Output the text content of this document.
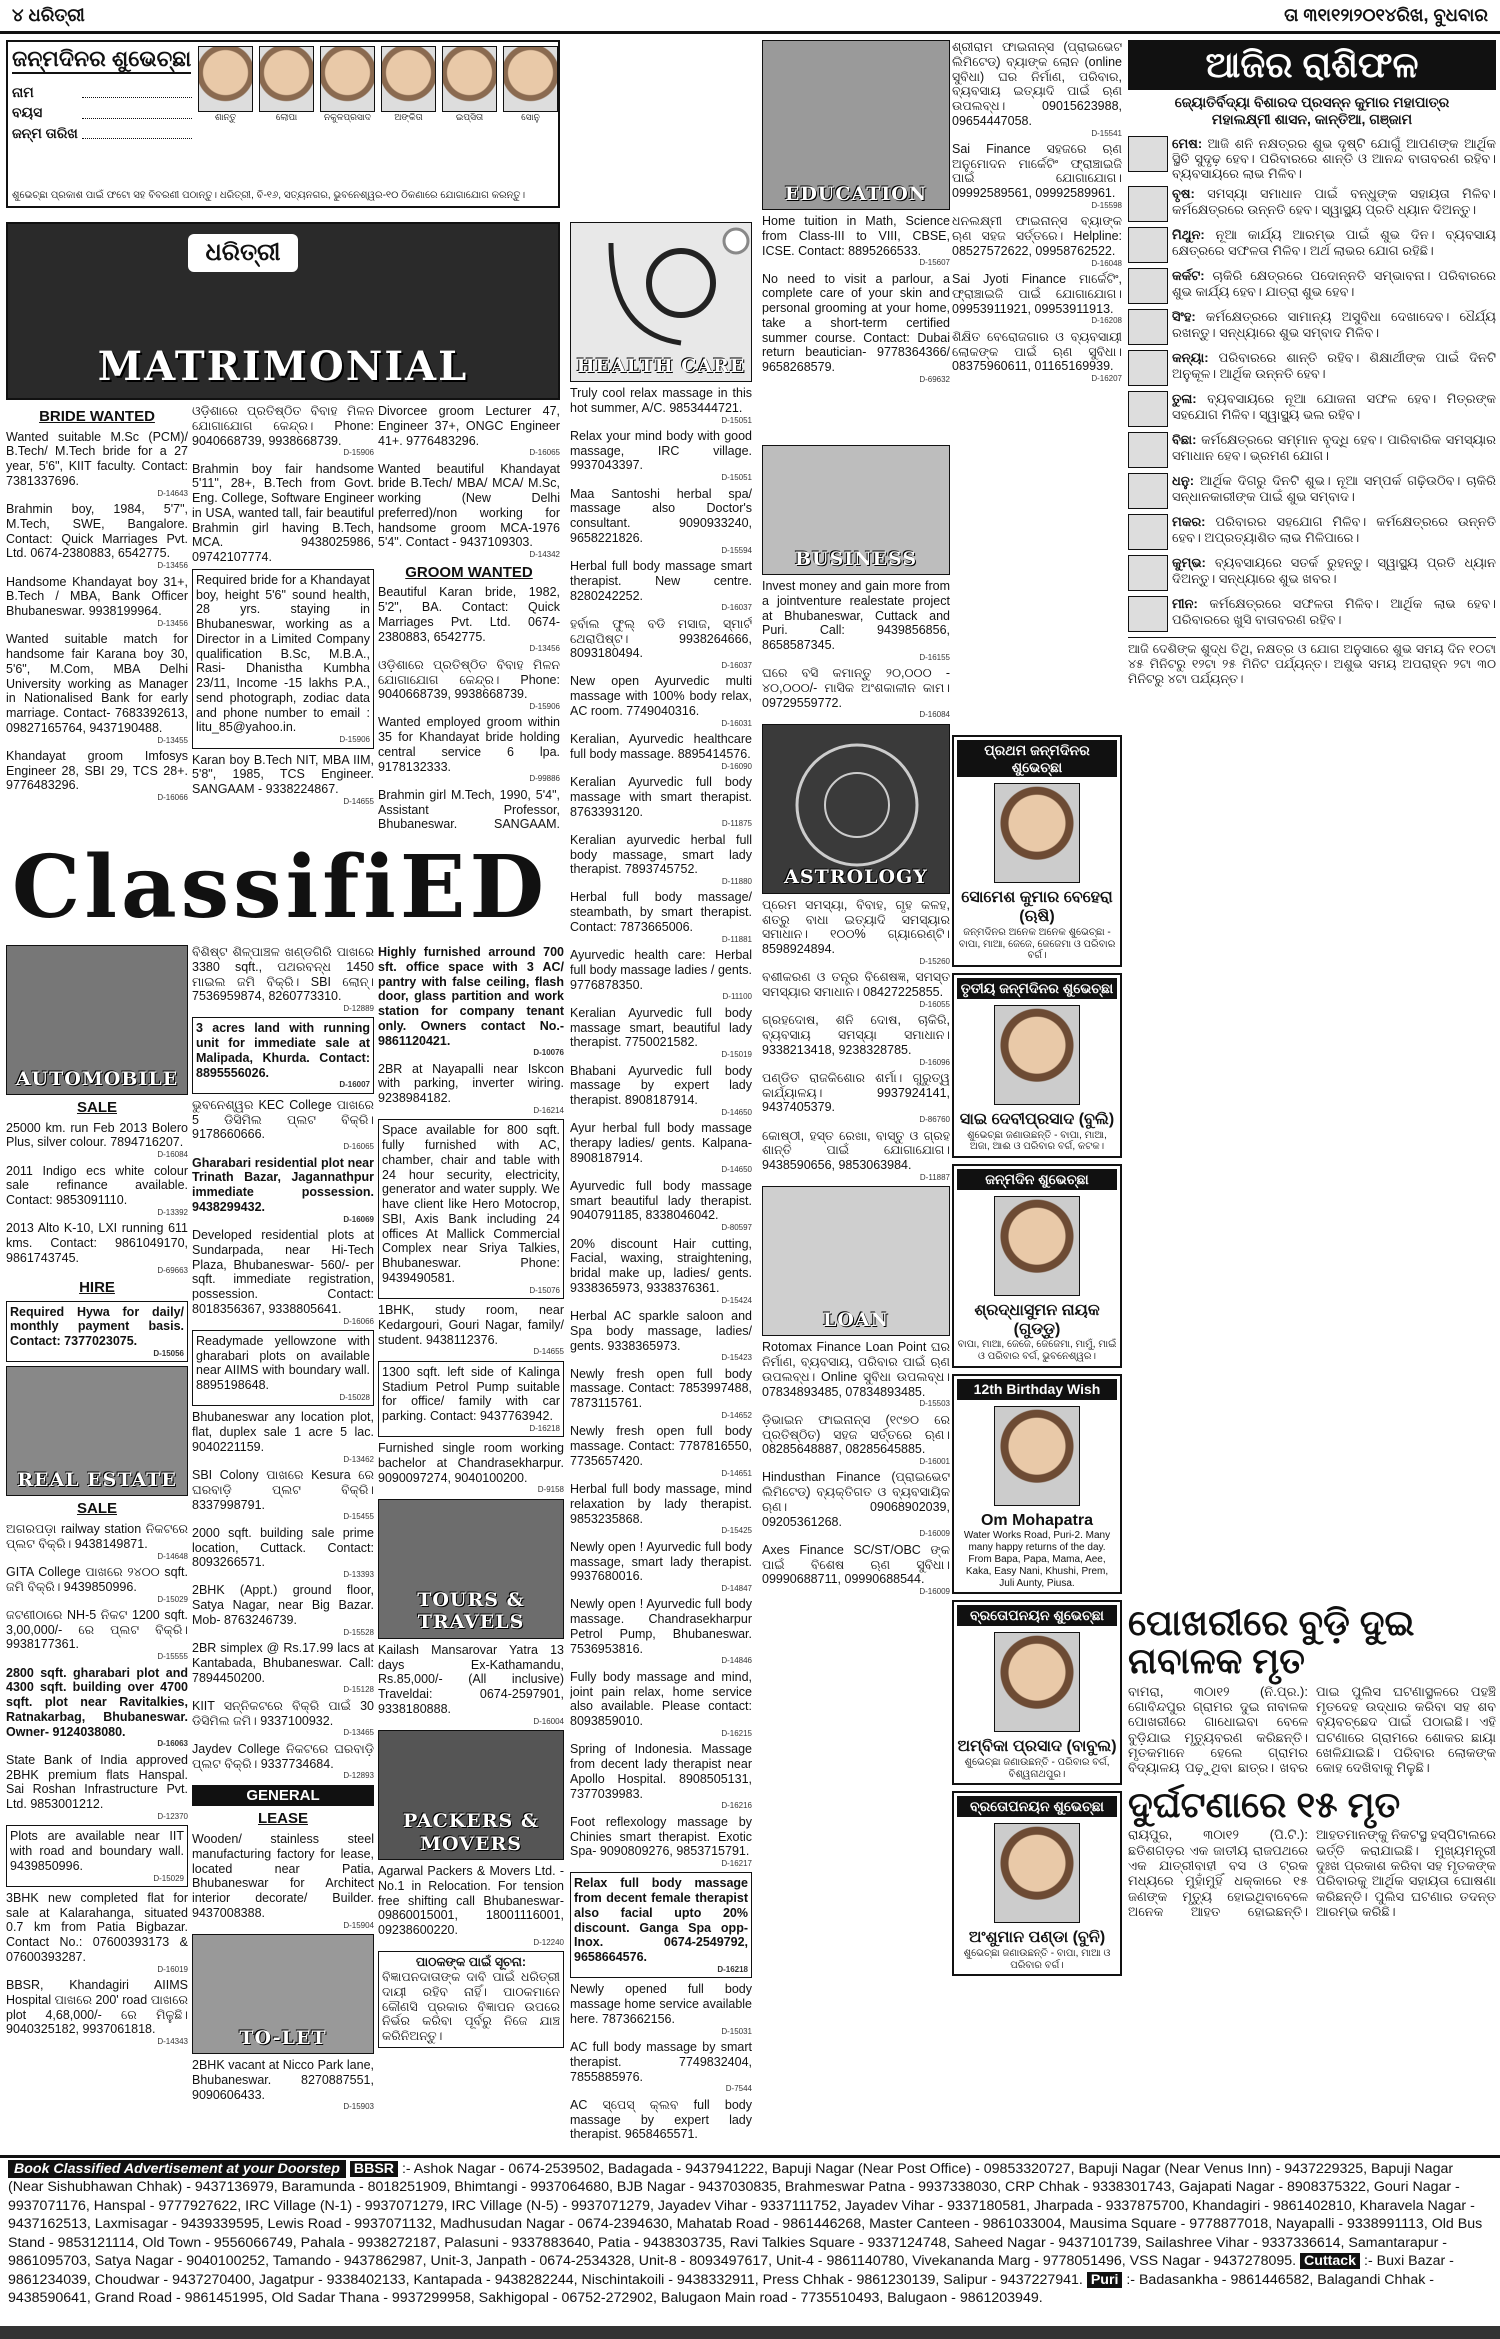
୪ ଧରିତ୍ରୀ	ତା ୩୧ା୧୨ା୨୦୧୪ରିଖ, ବୁଧବାର
ଜନ୍ମଦିନର ଶୁଭେଚ୍ଛା
ନାମ
ବୟସ
ଜନ୍ମ ତାରିଖ
ଶାନ୍ତୁ	ଲୋପା	ନକୁଳପ୍ରସାଦ	ଅଙ୍କିତା	ଇପ୍ସିତା	ସୋନୁ
ଶୁଭେଚ୍ଛା ପ୍ରକାଶ ପାଇଁ ଫଟୋ ସହ ବିବରଣୀ ପଠାନ୍ତୁ। ଧରିତ୍ରୀ, ବି-୧୬, ସତ୍ୟନଗର, ଭୁବନେଶ୍ୱର-୧୦ ଠିକଣାରେ ଯୋଗାଯୋଗ କରନ୍ତୁ।
ଧରିତ୍ରୀ
MATRIMONIAL
BRIDE WANTED
Wanted suitable M.Sc (PCM)/ B.Tech/ M.Tech bride for a 27 year, 5'6", KIIT faculty. Contact: 7381337696.
D-14643
Brahmin boy, 1984, 5'7", M.Tech, SWE, Bangalore. Contact: Quick Marriages Pvt. Ltd. 0674-2380883, 6542775.
D-13456
Handsome Khandayat boy 31+, B.Tech / MBA, Bank Officer Bhubaneswar. 9938199964.
D-13456
Wanted suitable match for handsome fair Karana boy 30, 5'6", M.Com, MBA Delhi University working as Manager in Nationalised Bank for early marriage. Contact- 7683392613, 09827165764, 9437190488.
D-13455
Khandayat groom Imfosys Engineer 28, SBI 29, TCS 28+. 9776483296.
D-16066
ଓଡ଼ିଶାରେ ପ୍ରତିଷ୍ଠିତ ବିବାହ ମିଳନ ଯୋଗାଯୋଗ କେନ୍ଦ୍ର। Phone: 9040668739, 9938668739.
D-15906
Brahmin boy fair handsome 5'11", 28+, B.Tech from Govt. Eng. College, Software Engineer in USA, wanted tall, fair beautiful Brahmin girl having B.Tech, MCA. 9438025986, 09742107774.
Required bride for a Khandayat boy, height 5'6" sound health, 28 yrs. staying in Bhubaneswar, working as a Director in a Limited Company qualification B.Sc, M.B.A., Rasi- Dhanistha Kumbha 23/11, Income -15 lakhs P.A., send photograph, zodiac data and phone number to email : litu_85@yahoo.in.
D-15906
Karan boy B.Tech NIT, MBA IIM, 5'8", 1985, TCS Engineer. SANGAAM - 9338224867.
D-14655
Divorcee groom Lecturer 47, Engineer 37+, ONGC Engineer 41+. 9776483296.
D-16065
Wanted beautiful Khandayat bride B.Tech/ MBA/ MCA/ M.Sc, working (New Delhi preferred)/non working for handsome groom MCA-1976 5'4". Contact - 9437109303.
D-14342
GROOM WANTED
Beautiful Karan bride, 1982, 5'2", BA. Contact: Quick Marriages Pvt. Ltd. 0674-2380883, 6542775.
D-13456
ଓଡ଼ିଶାରେ ପ୍ରତିଷ୍ଠିତ ବିବାହ ମିଳନ ଯୋଗାଯୋଗ କେନ୍ଦ୍ର। Phone: 9040668739, 9938668739.
D-15906
Wanted employed groom within 35 for Khandayat bride holding central service 6 lpa. 9178132333.
D-99886
Brahmin girl M.Tech, 1990, 5'4", Assistant Professor, Bhubaneswar. SANGAAM.
HEALTH CARE
Truly cool relax massage in this hot summer, A/C. 9853444721.
D-15051
Relax your mind body with good massage, IRC village. 9937043397.
D-15051
Maa Santoshi herbal spa/ massage also Doctor's consultant. 9090933240, 9658221826.
D-15594
Herbal full body massage smart therapist. New centre. 8280242252.
D-16037
ହର୍ବାଲ ଫୁଲ୍ ବଡି ମସାଜ, ସ୍ମାର୍ଟ ଥେରାପିଷ୍ଟ। 9938264666, 8093180494.
D-16037
New open Ayurvedic multi massage with 100% body relax, AC room. 7749040316.
D-16031
Keralian, Ayurvedic healthcare full body massage. 8895414576.
D-16090
Keralian Ayurvedic full body massage with smart therapist. 8763393120.
D-11875
Keralian ayurvedic herbal full body massage, smart lady therapist. 7893745752.
D-11880
Herbal full body massage/ steambath, by smart therapist. Contact: 7873665006.
D-11881
Ayurvedic health care: Herbal full body massage ladies / gents. 9776878350.
D-11100
Keralian Ayurvedic full body massage smart, beautiful lady therapist. 7750021582.
D-15019
Bhabani Ayurvedic full body massage by expert lady therapist. 8908187914.
D-14650
Ayur herbal full body massage therapy ladies/ gents. Kalpana- 8908187914.
D-14650
Ayurvedic full body massage smart beautiful lady therapist. 9040791185, 8338046042.
D-80597
20% discount Hair cutting, Facial, waxing, straightening, bridal make up, ladies/ gents. 9338365973, 9338376361.
D-15424
Herbal AC sparkle saloon and Spa body massage, ladies/ gents. 9338365973.
D-15423
Newly fresh open full body massage. Contact: 7853997488, 7873115761.
D-14652
Newly fresh open full body massage. Contact: 7787816550, 7735657420.
D-14651
Herbal full body massage, mind relaxation by lady therapist. 9853235868.
D-15425
Newly open ! Ayurvedic full body massage, smart lady therapist. 9937680016.
D-14847
Newly open ! Ayurvedic full body massage. Chandrasekharpur Petrol Pump, Bhubaneswar. 7536953816.
D-14846
Fully body massage and mind, joint pain relax, home service also available. Please contact: 8093859010.
D-16215
Spring of Indonesia. Massage from decent lady therapist near Apollo Hospital. 8908505131, 7377039983.
D-16216
Foot reflexology massage by Chinies smart therapist. Exotic Spa- 9090809276, 9853715791.
D-16217
Relax full body massage from decent female therapist also facial upto 20% discount. Ganga Spa opp- Inox. 0674-2549792, 9658664576.
D-16218
Newly opened full body massage home service available here. 7873662156.
D-15031
AC full body massage by smart therapist. 7749832404, 7855885976.
D-7544
AC ସ୍ପେସ୍ କ୍ଲବ full body massage by expert lady therapist. 9658465571.
EDUCATION
Home tuition in Math, Science from Class-III to VIII, CBSE, ICSE. Contact: 8895266533.
D-15607
No need to visit a parlour, a complete care of your skin and personal grooming at your home, take a short-term certified summer course. Contact: Dubai return beautician- 9778364366/ 9658268579.
D-69632
ଶ୍ରୀରାମ ଫାଇନାନ୍ସ (ପ୍ରାଇଭେଟ ଲିମିଟେଡ୍) ବ୍ୟାଙ୍କ ଲୋନ (online ସୁବିଧା) ଘର ନିର୍ମାଣ, ପରିବାର, ବ୍ୟବସାୟ ଇତ୍ୟାଦି ପାଇଁ ଋଣ ଉପଲବ୍ଧ। 09015623988, 09654447058.
D-15541
Sai Finance ସହଜରେ ଋଣ ଅନୁମୋଦନ ମାର୍କେଟିଂ ଫ୍ରାଞ୍ଚାଇଜି ପାଇଁ ଯୋଗାଯୋଗ। 09992589561, 09992589961.
D-15598
ଧନଲକ୍ଷ୍ମୀ ଫାଇନାନ୍ସ ବ୍ୟାଙ୍କ ଋଣ ସହଜ ସର୍ତ୍ତରେ। Helpline: 08527572622, 09958762522.
D-16048
Sai Jyoti Finance ମାର୍କେଟିଂ, ଫ୍ରାଞ୍ଚାଇଜି ପାଇଁ ଯୋଗାଯୋଗ। 09953911921, 09953911913.
D-16208
ଶିକ୍ଷିତ ବେରୋଜଗାର ଓ ବ୍ୟବସାୟୀ ଲୋକଙ୍କ ପାଇଁ ଋଣ ସୁବିଧା। 08375960611, 01165169939.
D-16207
BUSINESS
Invest money and gain more from a jointventure realestate project at Bhubaneswar, Cuttack and Puri. Call: 9439856856, 8658587345.
D-16155
ଘରେ ବସି କମାନ୍ତୁ ୨୦,୦୦୦ - ୪୦,୦୦୦/- ମାସିକ ଅଂଶକାଳୀନ କାମ। 09729559772.
D-16084
ASTROLOGY
ପ୍ରେମ ସମସ୍ୟା, ବିବାହ, ଗୃହ କଳହ, ଶତ୍ରୁ ବାଧା ଇତ୍ୟାଦି ସମସ୍ୟାର ସମାଧାନ। ୧୦୦% ଗ୍ୟାରେଣ୍ଟି। 8598924894.
D-15260
ବଶୀକରଣ ଓ ତନ୍ତ୍ର ବିଶେଷଜ୍ଞ, ସମସ୍ତ ସମସ୍ୟାର ସମାଧାନ। 08427225855.
D-16055
ଗ୍ରହଦୋଷ, ଶନି ଦୋଷ, ଚାକିରି, ବ୍ୟବସାୟ ସମସ୍ୟା ସମାଧାନ। 9338213418, 9238328785.
D-16096
ପଣ୍ଡିତ ରାଜକିଶୋର ଶର୍ମା। ଗୁରୁତ୍ୱ କାର୍ଯ୍ୟାଳୟ। 9937924141, 9437405379.
D-86760
କୋଷ୍ଠୀ, ହସ୍ତ ରେଖା, ବାସ୍ତୁ ଓ ଗ୍ରହ ଶାନ୍ତି ପାଇଁ ଯୋଗାଯୋଗ। 9438590656, 9853063984.
D-11887
LOAN
Rotomax Finance Loan Point ଘର ନିର୍ମାଣ, ବ୍ୟବସାୟ, ପରିବାର ପାଇଁ ଋଣ ଉପଲବ୍ଧ। Online ସୁବିଧା ଉପଲବ୍ଧ। 07834893485, 07834893485.
D-15503
ଡ଼ିଭାଇନ ଫାଇନାନ୍ସ (୧୯୭୦ ରେ ପ୍ରତିଷ୍ଠିତ) ସହଜ ସର୍ତ୍ତରେ ଋଣ। 08285648887, 08285645885.
D-16001
Hindusthan Finance (ପ୍ରାଇଭେଟ ଲିମିଟେଡ୍) ବ୍ୟକ୍ତିଗତ ଓ ବ୍ୟବସାୟିକ ଋଣ। 09068902039, 09205361268.
D-16009
Axes Finance SC/ST/OBC ଙ୍କ ପାଇଁ ବିଶେଷ ଋଣ ସୁବିଧା। 09990688711, 09990688544.
D-16009
ପ୍ରଥମ ଜନ୍ମଦିନର ଶୁଭେଚ୍ଛା
ସୋମେଶ କୁମାର ବେହେରା (ଋଷି)
ଜନ୍ମଦିନର ଅନେକ ଅନେକ ଶୁଭେଚ୍ଛା - ବାପା, ମାଆ, ଜେଜେ, ଜେଜେମା ଓ ପରିବାର ବର୍ଗ।
ତୃତୀୟ ଜନ୍ମଦିନର ଶୁଭେଚ୍ଛା
ସାଇ ଦେବୀପ୍ରସାଦ (ବୁଲି)
ଶୁଭେଚ୍ଛା ଜଣାଉଛନ୍ତି - ବାପା, ମାଆ, ଅଜା, ଆଈ ଓ ପରିବାର ବର୍ଗ, କଟକ।
ଜନ୍ମଦିନ ଶୁଭେଚ୍ଛା
ଶ୍ରଦ୍ଧାସୁମନ ନାୟକ (ଗୁଡ୍ଡୁ)
ବାପା, ମାଆ, ଜେଜେ, ଜେଜେମା, ମାମୁଁ, ମାଇଁ ଓ ପରିବାର ବର୍ଗ, ଭୁବନେଶ୍ୱର।
12th Birthday Wish
Om Mohapatra
Water Works Road, Puri-2. Many many happy returns of the day. From Bapa, Papa, Mama, Aee, Kaka, Easy Nani, Khushi, Prem, Juli Aunty, Piusa.
ବ୍ରତୋପନୟନ ଶୁଭେଚ୍ଛା
ଅମ୍ବିକା ପ୍ରସାଦ (ବାବୁଲ)
ଶୁଭେଚ୍ଛା ଜଣାଉଛନ୍ତି - ପରିବାର ବର୍ଗ, ବିଶ୍ୱନାଥପୁର।
ବ୍ରତୋପନୟନ ଶୁଭେଚ୍ଛା
ଅଂଶୁମାନ ପଣ୍ଡା (ବୁନି)
ଶୁଭେଚ୍ଛା ଜଣାଉଛନ୍ତି - ବାପା, ମାଆ ଓ ପରିବାର ବର୍ଗ।
ଆଜିର ରାଶିଫଳ
ଜ୍ୟୋତିର୍ବିଦ୍ୟା ବିଶାରଦ ପ୍ରସନ୍ନ କୁମାର ମହାପାତ୍ର
ମହାଲକ୍ଷ୍ମୀ ଶାସନ, କାନ୍ତିଆ, ଗଞ୍ଜାମ
ମେଷ: ଆଜି ଶନି ନକ୍ଷତ୍ରର ଶୁଭ ଦୃଷ୍ଟି ଯୋଗୁଁ ଆପଣଙ୍କ ଆର୍ଥିକ ସ୍ଥିତି ସୁଦୃଢ଼ ହେବ। ପରିବାରରେ ଶାନ୍ତି ଓ ଆନନ୍ଦ ବାତାବରଣ ରହିବ। ବ୍ୟବସାୟରେ ଲାଭ ମିଳିବ।
ବୃଷ: ସମସ୍ୟା ସମାଧାନ ପାଇଁ ବନ୍ଧୁଙ୍କ ସହାୟତା ମିଳିବ। କର୍ମକ୍ଷେତ୍ରରେ ଉନ୍ନତି ହେବ। ସ୍ୱାସ୍ଥ୍ୟ ପ୍ରତି ଧ୍ୟାନ ଦିଅନ୍ତୁ।
ମିଥୁନ: ନୂଆ କାର୍ଯ୍ୟ ଆରମ୍ଭ ପାଇଁ ଶୁଭ ଦିନ। ବ୍ୟବସାୟ କ୍ଷେତ୍ରରେ ସଫଳତା ମିଳିବ। ଅର୍ଥ ଲାଭର ଯୋଗ ରହିଛି।
କର୍କଟ: ଚାକିରି କ୍ଷେତ୍ରରେ ପଦୋନ୍ନତି ସମ୍ଭାବନା। ପରିବାରରେ ଶୁଭ କାର୍ଯ୍ୟ ହେବ। ଯାତ୍ରା ଶୁଭ ହେବ।
ସିଂହ: କର୍ମକ୍ଷେତ୍ରରେ ସାମାନ୍ୟ ଅସୁବିଧା ଦେଖାଦେବ। ଧୈର୍ଯ୍ୟ ରଖନ୍ତୁ। ସନ୍ଧ୍ୟାରେ ଶୁଭ ସମ୍ବାଦ ମିଳିବ।
କନ୍ୟା: ପରିବାରରେ ଶାନ୍ତି ରହିବ। ଶିକ୍ଷାର୍ଥୀଙ୍କ ପାଇଁ ଦିନଟି ଅନୁକୂଳ। ଆର୍ଥିକ ଉନ୍ନତି ହେବ।
ତୁଳା: ବ୍ୟବସାୟରେ ନୂଆ ଯୋଜନା ସଫଳ ହେବ। ମିତ୍ରଙ୍କ ସହଯୋଗ ମିଳିବ। ସ୍ୱାସ୍ଥ୍ୟ ଭଲ ରହିବ।
ବିଛା: କର୍ମକ୍ଷେତ୍ରରେ ସମ୍ମାନ ବୃଦ୍ଧି ହେବ। ପାରିବାରିକ ସମସ୍ୟାର ସମାଧାନ ହେବ। ଭ୍ରମଣ ଯୋଗ।
ଧନୁ: ଆର୍ଥିକ ଦିଗରୁ ଦିନଟି ଶୁଭ। ନୂଆ ସମ୍ପର୍କ ଗଢ଼ିଉଠିବ। ଚାକିରି ସନ୍ଧାନକାରୀଙ୍କ ପାଇଁ ଶୁଭ ସମ୍ବାଦ।
ମକର: ପରିବାରର ସହଯୋଗ ମିଳିବ। କର୍ମକ୍ଷେତ୍ରରେ ଉନ୍ନତି ହେବ। ଅପ୍ରତ୍ୟାଶିତ ଲାଭ ମିଳିପାରେ।
କୁମ୍ଭ: ବ୍ୟବସାୟରେ ସତର୍କ ରୁହନ୍ତୁ। ସ୍ୱାସ୍ଥ୍ୟ ପ୍ରତି ଧ୍ୟାନ ଦିଅନ୍ତୁ। ସନ୍ଧ୍ୟାରେ ଶୁଭ ଖବର।
ମୀନ: କର୍ମକ୍ଷେତ୍ରରେ ସଫଳତା ମିଳିବ। ଆର୍ଥିକ ଲାଭ ହେବ। ପରିବାରରେ ଖୁସି ବାତାବରଣ ରହିବ।
ଆଜି ଦେଶିଙ୍କ ଶୁଦ୍ଧ ତିଥି, ନକ୍ଷତ୍ର ଓ ଯୋଗ ଅନୁସାରେ ଶୁଭ ସମୟ ଦିନ ୧୦ଟା ୪୫ ମିନିଟରୁ ୧୨ଟା ୨୫ ମିନିଟ ପର୍ଯ୍ୟନ୍ତ। ଅଶୁଭ ସମୟ ଅପରାହ୍ନ ୨ଟା ୩୦ ମିନିଟରୁ ୪ଟା ପର୍ଯ୍ୟନ୍ତ।
ପୋଖରୀରେ ବୁଡ଼ି ଦୁଇ ନାବାଳକ ମୃତ
ବାମରା, ୩୦ା୧୨ (ନି.ପ୍ର.): ଗୋବିନ୍ଦପୁର ଗ୍ରାମର ଦୁଇ ନାବାଳକ ପୋଖରୀରେ ଗାଧୋଇବା ବେଳେ ବୁଡ଼ିଯାଇ ମୃତ୍ୟୁବରଣ କରିଛନ୍ତି। ମୃତକମାନେ ହେଲେ ଗ୍ରାମର ବିଦ୍ୟାଳୟ ପଢ଼ୁଥିବା ଛାତ୍ର। ଖବର ପାଇ ପୁଲିସ ଘଟଣାସ୍ଥଳରେ ପହଞ୍ଚି ମୃତଦେହ ଉଦ୍ଧାର କରିବା ସହ ଶବ ବ୍ୟବଚ୍ଛେଦ ପାଇଁ ପଠାଇଛି। ଏହି ଘଟଣାରେ ଗ୍ରାମରେ ଶୋକର ଛାୟା ଖେଳିଯାଇଛି। ପରିବାର ଲୋକଙ୍କ କୋହ ଦେଖିବାକୁ ମିଳୁଛି।
ଦୁର୍ଘଟଣାରେ ୧୫ ମୃତ
ରାୟପୁର, ୩୦ା୧୨ (ପି.ଟି.): ଛତିଶଗଡ଼ର ଏକ ଜାତୀୟ ରାଜପଥରେ ଏକ ଯାତ୍ରୀବାହୀ ବସ ଓ ଟ୍ରକ ମଧ୍ୟରେ ମୁହାଁମୁହିଁ ଧକ୍କାରେ ୧୫ ଜଣଙ୍କ ମୃତ୍ୟୁ ହୋଇଥିବାବେଳେ ଅନେକ ଆହତ ହୋଇଛନ୍ତି। ଆହତମାନଙ୍କୁ ନିକଟସ୍ଥ ହସ୍ପିଟାଲରେ ଭର୍ତ୍ତି କରାଯାଇଛି। ମୁଖ୍ୟମନ୍ତ୍ରୀ ଦୁଃଖ ପ୍ରକାଶ କରିବା ସହ ମୃତକଙ୍କ ପରିବାରକୁ ଆର୍ଥିକ ସହାୟତା ଘୋଷଣା କରିଛନ୍ତି। ପୁଲିସ ଘଟଣାର ତଦନ୍ତ ଆରମ୍ଭ କରିଛି।
ClassifiED
AUTOMOBILE
SALE
25000 km. run Feb 2013 Bolero Plus, silver colour. 7894716207.
D-16084
2011 Indigo ecs white colour sale refinance available. Contact: 9853091110.
D-13392
2013 Alto K-10, LXI running 611 kms. Contact: 9861049170, 9861743745.
D-69663
HIRE
Required Hywa for daily/ monthly payment basis. Contact: 7377023075.
D-15056
REAL ESTATE
SALE
ଅଗରପଡ଼ା railway station ନିକଟରେ ପ୍ଲଟ ବିକ୍ରି। 9438149871.
D-14648
GITA College ପାଖରେ ୨୪୦୦ sqft. ଜମି ବିକ୍ରି। 9439850996.
D-15029
ଜଟଣୀଠାରେ NH-5 ନିକଟ 1200 sqft. 3,00,000/- ରେ ପ୍ଲଟ ବିକ୍ରି। 9938177361.
D-15555
2800 sqft. gharabari plot and 4300 sqft. building over 4700 sqft. plot near Ravitalkies, Ratnakarbag, Bhubaneswar. Owner- 9124038080.
D-16063
State Bank of India approved 2BHK premium flats Hanspal. Sai Roshan Infrastructure Pvt. Ltd. 9853001212.
D-12370
Plots are available near IIT with road and boundary wall. 9439850996.
D-15029
3BHK new completed flat for sale at Kalarahanga, situated 0.7 km from Patia Bigbazar. Contact No.: 07600393173 & 07600393287.
D-16019
BBSR, Khandagiri AIIMS Hospital ପାଖରେ 200' road ପାଖରେ plot 4,68,000/- ରେ ମିଳୁଛି। 9040325182, 9937061818.
D-14343
ବିଶିଷ୍ଟ ଶିଳ୍ପାଞ୍ଚଳ ଖଣ୍ଡଗିରି ପାଖରେ 3380 sqft., ପଥରବନ୍ଧ 1450 ମାଇଲ ଜମି ବିକ୍ରି। SBI ଲୋନ୍। 7536959874, 8260773310.
D-12889
3 acres land with running unit for immediate sale at Malipada, Khurda. Contact: 8895556026.
D-16007
ଭୁବନେଶ୍ୱର KEC College ପାଖରେ 5 ଡିସିମିଲ ପ୍ଲଟ ବିକ୍ରି। 9178660666.
D-16065
Gharabari residential plot near Trinath Bazar, Jagannathpur immediate possession. 9438299432.
D-16069
Developed residential plots at Sundarpada, near Hi-Tech Plaza, Bhubaneswar- 560/- per sqft. immediate registration, possession. Contact: 8018356367, 9338805641.
D-16066
Readymade yellowzone with gharabari plots on available near AIIMS with boundary wall. 8895198648.
D-15028
Bhubaneswar any location plot, flat, duplex sale 1 acre 5 lac. 9040221159.
D-13462
SBI Colony ପାଖରେ Kesura ରେ ଘରବାଡ଼ି ପ୍ଲଟ ବିକ୍ରି। 8337998791.
D-15455
2000 sqft. building sale prime location, Cuttack. Contact: 8093266571.
D-13393
2BHK (Appt.) ground floor, Satya Nagar, near Big Bazar. Mob- 8763246739.
D-15528
2BR simplex @ Rs.17.99 lacs at Kantabada, Bhubaneswar. Call: 7894450200.
D-15128
KIIT ସନ୍ନିକଟରେ ବିକ୍ରି ପାଇଁ 30 ଡିସିମିଲ ଜମି। 9337100932.
D-13465
Jaydev College ନିକଟରେ ଘରବାଡ଼ି ପ୍ଲଟ ବିକ୍ରି। 9337734684.
D-12893
GENERAL
LEASE
Wooden/ stainless steel manufacturing factory for lease, located near Patia, Bhubaneswar for Architect interior decorate/ Builder. 9437008388.
D-15904
TO-LET
2BHK vacant at Nicco Park lane, Bhubaneswar. 8270887551, 9090606433.
D-15903
Highly furnished arround 700 sft. office space with 3 AC/ pantry with false ceiling, flash door, glass partition and work station for company tenant only. Owners contact No.- 9861120421.
D-10076
2BR at Nayapalli near Iskcon with parking, inverter wiring. 9238984182.
D-16214
Space available for 800 sqft. fully furnished with AC, chamber, chair and table with 24 hour security, electricity, generator and water supply. We have client like Hero Motocrop, SBI, Axis Bank including 24 offices At Mallick Commercial Complex near Sriya Talkies, Bhubaneswar. Phone: 9439490581.
D-15076
1BHK, study room, near Kedargouri, Gouri Nagar, family/ student. 9438112376.
D-14655
1300 sqft. left side of Kalinga Stadium Petrol Pump suitable for office/ family with car parking. Contact: 9437763942.
D-16218
Furnished single room working bachelor at Chandrasekharpur. 9090097274, 9040100200.
D-9158
TOURS & TRAVELS
Kailash Mansarovar Yatra 13 days Ex-Kathamandu, Rs.85,000/- (All inclusive) Traveldai: 0674-2597901, 9338180888.
D-16004
PACKERS & MOVERS
Agarwal Packers & Movers Ltd. - No.1 in Relocation. For tension free shifting call Bhubaneswar- 09860015001, 18001116001, 09238600220.
D-12240
ପାଠକଙ୍କ ପାଇଁ ସୂଚନା:
ବିଜ୍ଞାପନଦାତାଙ୍କ ଦାବି ପାଇଁ ଧରିତ୍ରୀ ଦାୟୀ ରହିବ ନାହିଁ। ପାଠକମାନେ କୌଣସି ପ୍ରକାର ବିଜ୍ଞାପନ ଉପରେ ନିର୍ଭର କରିବା ପୂର୍ବରୁ ନିଜେ ଯାଞ୍ଚ କରିନିଅନ୍ତୁ।
Book Classified Advertisement at your Doorstep BBSR :- Ashok Nagar - 0674-2539502, Badagada - 9437941222, Bapuji Nagar (Near Post Office) - 09853320727, Bapuji Nagar (Near Venus Inn) - 9437229325, Bapuji Nagar (Near Sishubhawan Chhak) - 9437136979, Baramunda - 8018251909, Bhimtangi - 9937064680, BJB Nagar - 9437030835, Brahmeswar Patna - 9937338030, CRP Chhak - 9338301743, Gajapati Nagar - 8908375322, Gouri Nagar - 9937071176, Hanspal - 9777927622, IRC Village (N-1) - 9937071279, IRC Village (N-5) - 9937071279, Jayadev Vihar - 9337111752, Jayadev Vihar - 9337180581, Jharpada - 9337875700, Khandagiri - 9861402810, Kharavela Nagar - 9437162513, Laxmisagar - 9439339595, Lewis Road - 9937071132, Madhusudan Nagar - 0674-2394630, Mahatab Road - 9861446268, Master Canteen - 9861033004, Mausima Square - 9778877018, Nayapalli - 9338991113, Old Bus Stand - 9853121114, Old Town - 9556066749, Pahala - 9938272187, Palasuni - 9337883640, Patia - 9438303735, Ravi Talkies Square - 9337124748, Saheed Nagar - 9437101739, Sailashree Vihar - 9337336614, Samantarapur - 9861095703, Satya Nagar - 9040100252, Tamando - 9437862987, Unit-3, Janpath - 0674-2534328, Unit-8 - 8093497617, Unit-4 - 9861140780, Vivekananda Marg - 9778051496, VSS Nagar - 9437278095. Cuttack :- Buxi Bazar - 9861234039, Choudwar - 9437270400, Jagatpur - 9338402133, Kantapada - 9438282244, Nischintakoili - 9438332911, Press Chhak - 9861230139, Salipur - 9437227941. Puri :- Badasankha - 9861446582, Balagandi Chhak - 9438590641, Grand Road - 9861451995, Old Sadar Thana - 9937299958, Sakhigopal - 06752-272902, Balugaon Main road - 7735510493, Balugaon - 9861203949.
